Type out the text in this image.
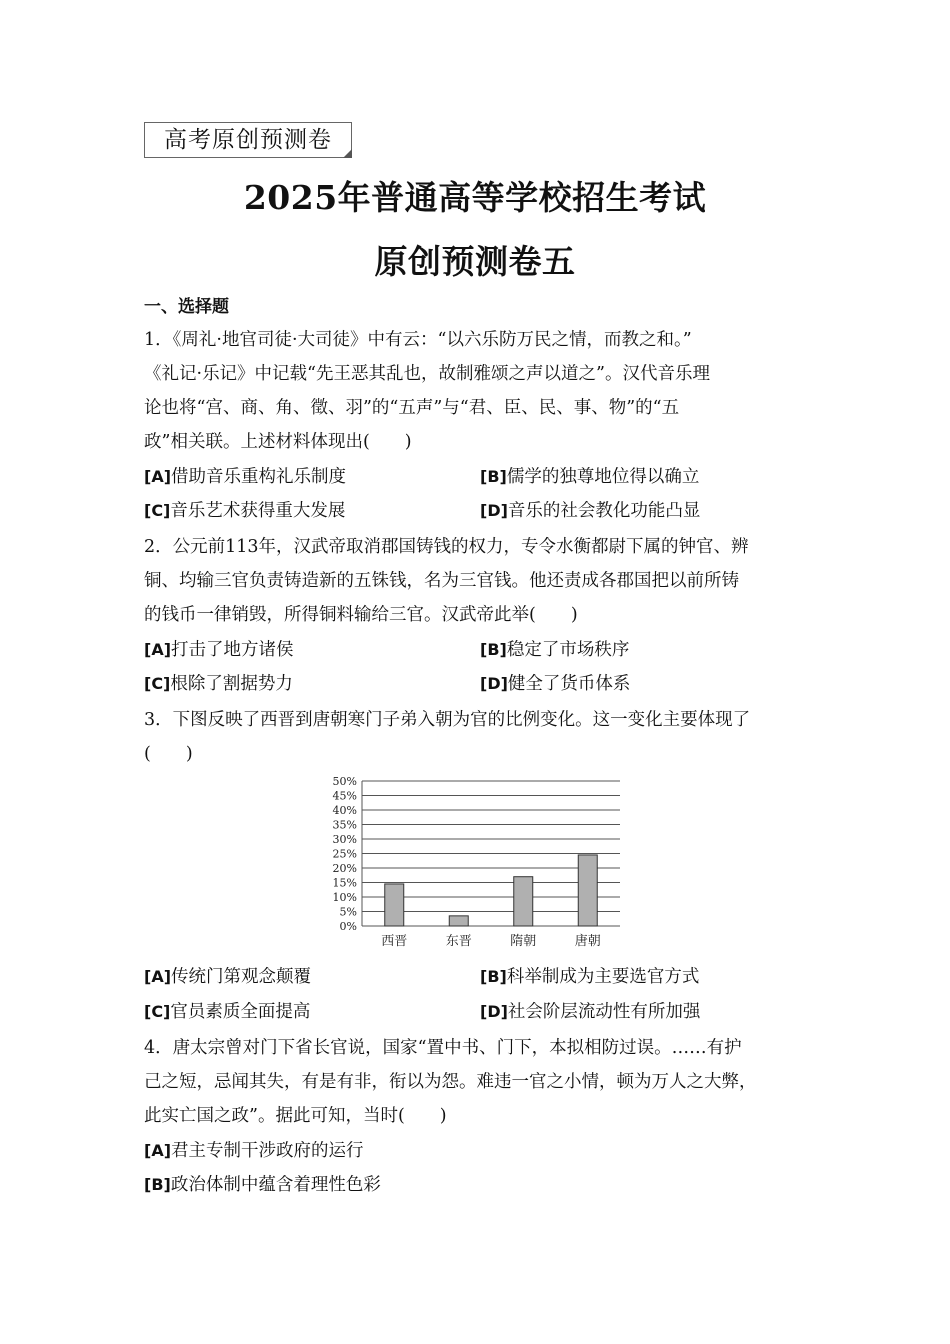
高考原创预测卷
2025年普通高等学校招生考试
原创预测卷五
一、选择题
1．《周礼·地官司徒·大司徒》中有云：“以六乐防万民之情，而教之和。”
《礼记·乐记》中记载“先王恶其乱也，故制雅颂之声以道之”。汉代音乐理
论也将“宫、商、角、徵、羽”的“五声”与“君、臣、民、事、物”的“五
政”相关联。上述材料体现出(　　)
[A]借助音乐重构礼乐制度	[B]儒学的独尊地位得以确立
[C]音乐艺术获得重大发展	[D]音乐的社会教化功能凸显
2．公元前113年，汉武帝取消郡国铸钱的权力，专令水衡都尉下属的钟官、辨
铜、均输三官负责铸造新的五铢钱，名为三官钱。他还责成各郡国把以前所铸
的钱币一律销毁，所得铜料输给三官。汉武帝此举(　　)
[A]打击了地方诸侯	[B]稳定了市场秩序
[C]根除了割据势力	[D]健全了货币体系
3．下图反映了西晋到唐朝寒门子弟入朝为官的比例变化。这一变化主要体现了
(　　)
0%
5%
10%
15%
20%
25%
30%
35%
40%
45%
50%
西晋	东晋	隋朝	唐朝
[A]传统门第观念颠覆	[B]科举制成为主要选官方式
[C]官员素质全面提高	[D]社会阶层流动性有所加强
4．唐太宗曾对门下省长官说，国家“置中书、门下，本拟相防过误。……有护
己之短，忌闻其失，有是有非，衔以为怨。难违一官之小情，顿为万人之大弊，
此实亡国之政”。据此可知，当时(　　)
[A]君主专制干涉政府的运行
[B]政治体制中蕴含着理性色彩
